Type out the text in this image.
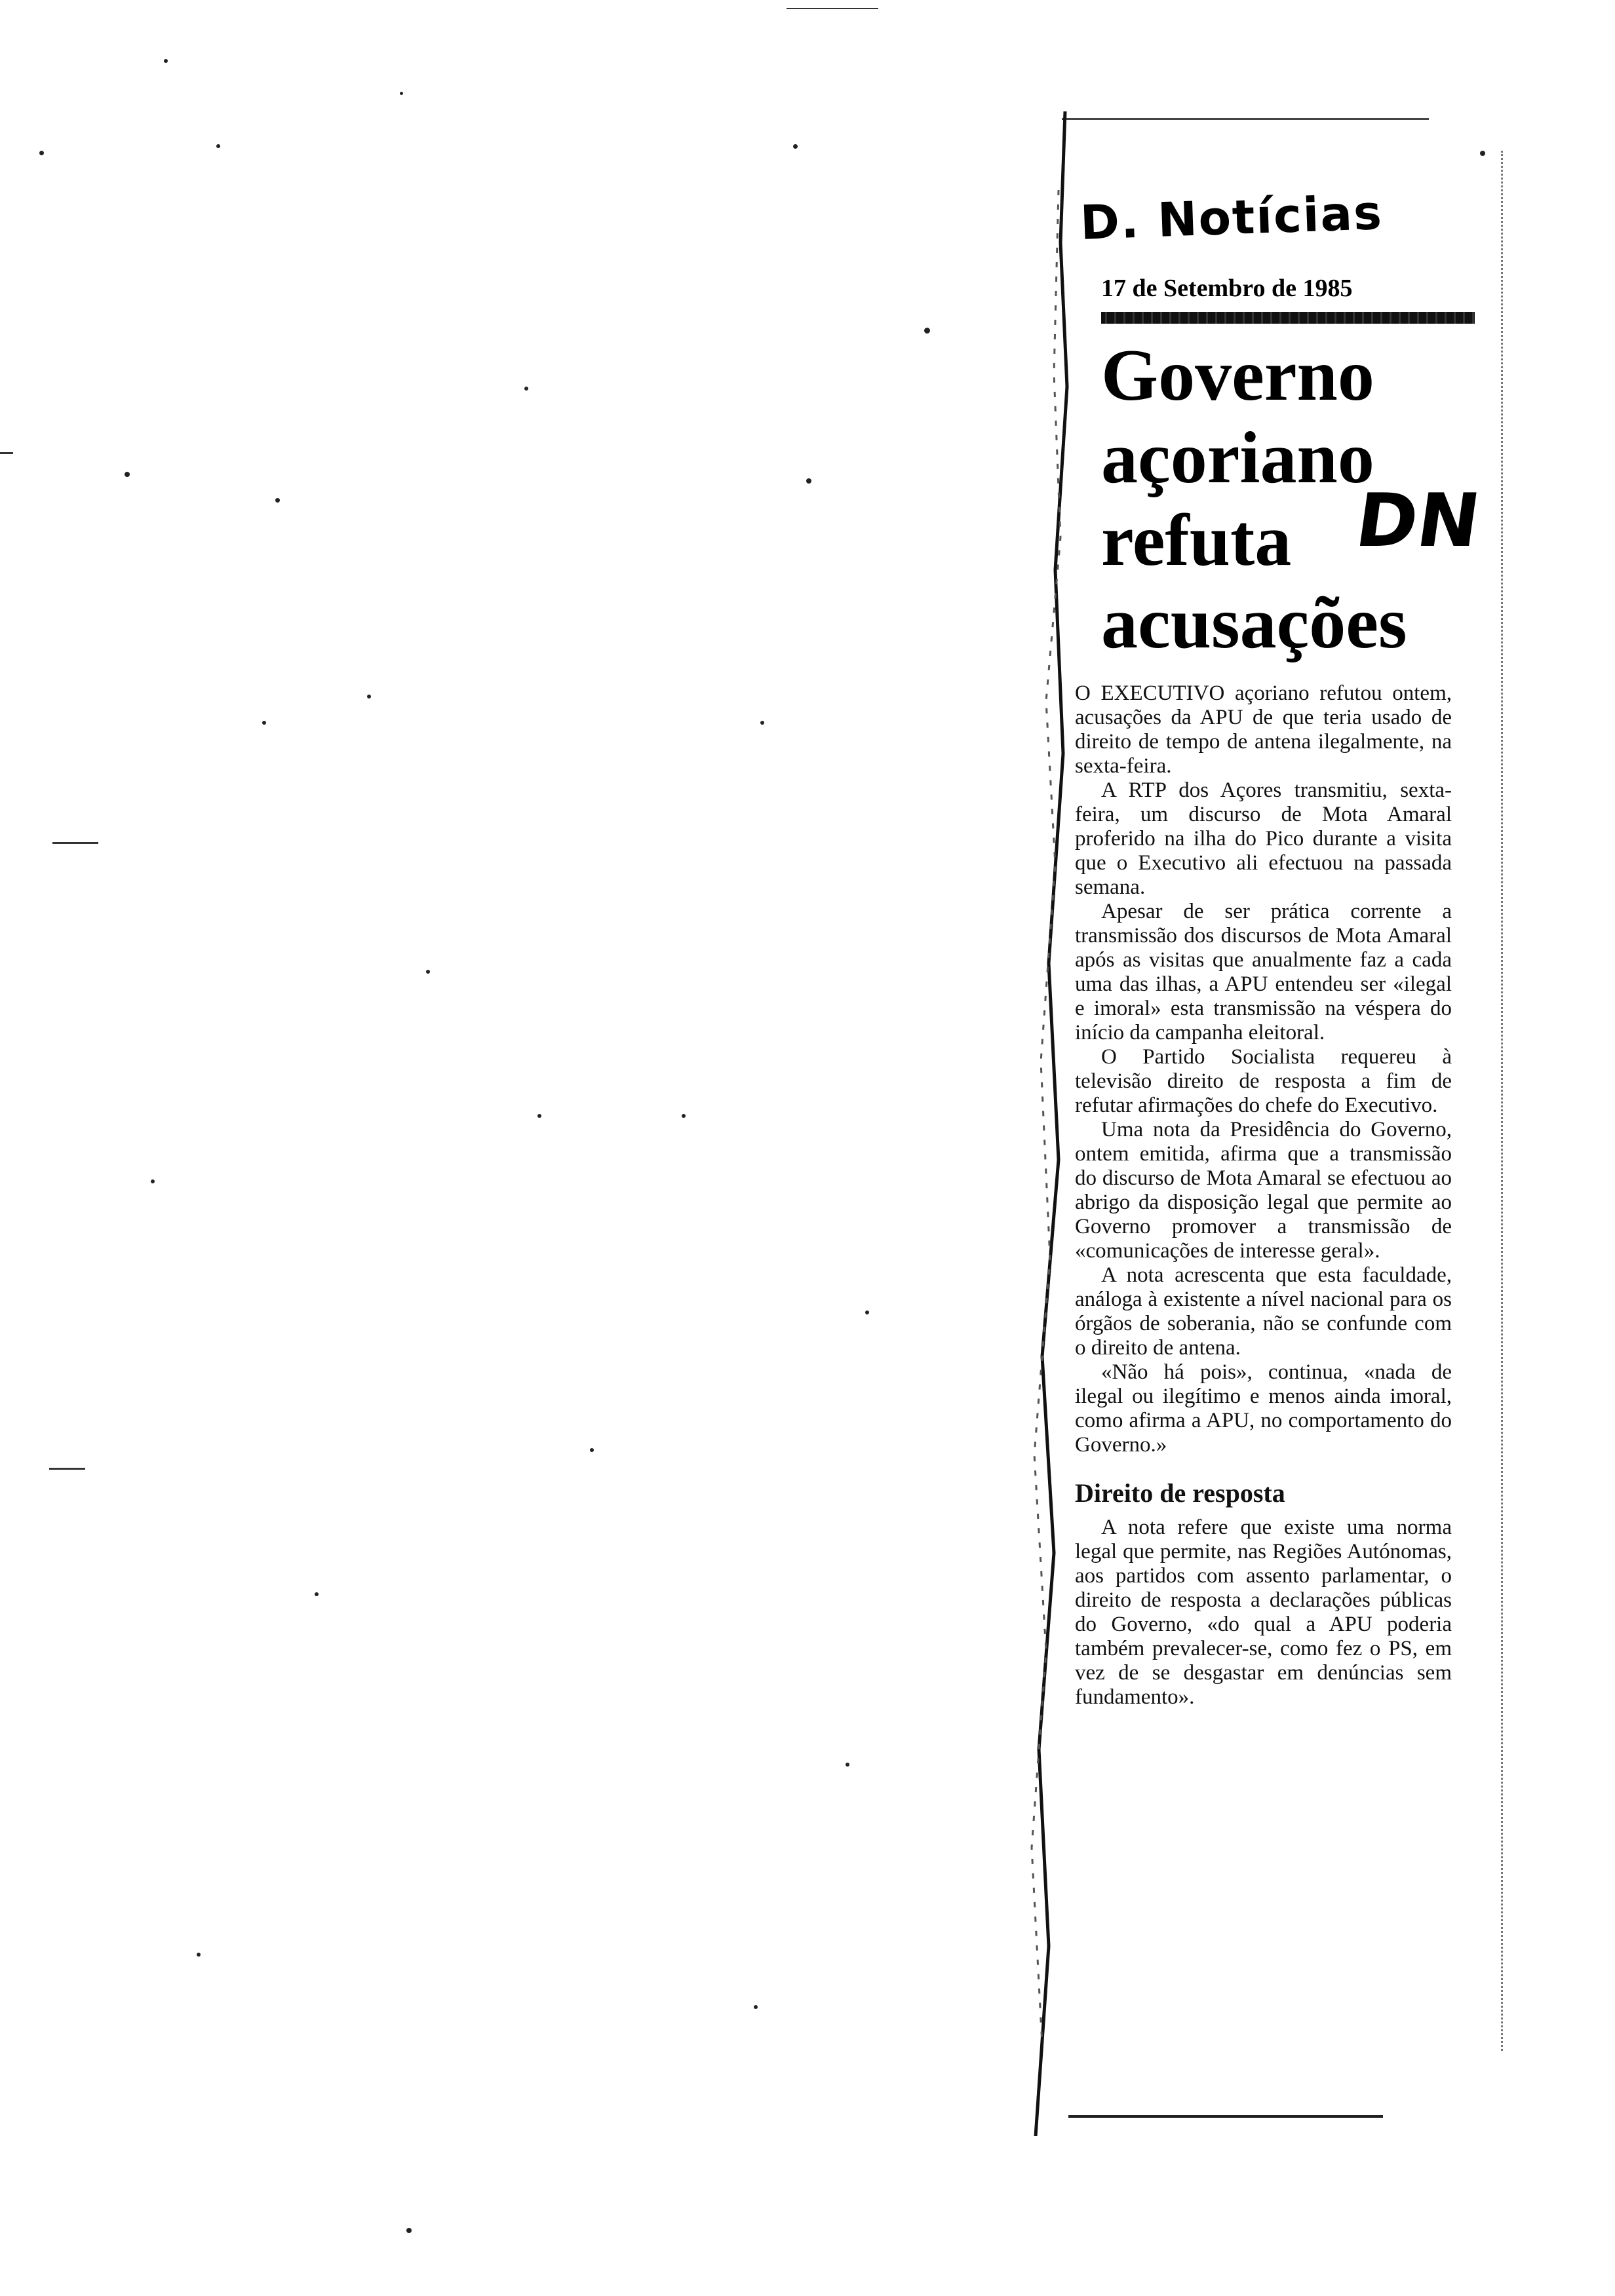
D. Notícias
17 de Setembro de 1985
Governo
açoriano
refuta
acusações
DN

O EXECUTIVO açoriano refutou ontem, acusações da APU de que teria usado de direito de tempo de antena ilegalmente, na sexta-feira.

A RTP dos Açores transmitiu, sexta-feira, um discurso de Mota Amaral proferido na ilha do Pico durante a visita que o Executivo ali efectuou na passada semana.

Apesar de ser prática corrente a transmissão dos discursos de Mota Amaral após as visitas que anualmente faz a cada uma das ilhas, a APU entendeu ser «ilegal e imoral» esta transmissão na véspera do início da campanha eleitoral.

O Partido Socialista requereu à televisão direito de resposta a fim de refutar afirmações do chefe do Executivo.

Uma nota da Presidência do Governo, ontem emitida, afirma que a transmissão do discurso de Mota Amaral se efectuou ao abrigo da disposição legal que permite ao Governo promover a transmissão de «comunicações de interesse geral».

A nota acrescenta que esta faculdade, análoga à existente a nível nacional para os órgãos de soberania, não se confunde com o direito de antena.

«Não há pois», continua, «nada de ilegal ou ilegítimo e menos ainda imoral, como afirma a APU, no comportamento do Governo.»

Direito de resposta

A nota refere que existe uma norma legal que permite, nas Regiões Autónomas, aos partidos com assento parlamentar, o direito de resposta a declarações públicas do Governo, «do qual a APU poderia também prevalecer-se, como fez o PS, em vez de se desgastar em denúncias sem fundamento».
